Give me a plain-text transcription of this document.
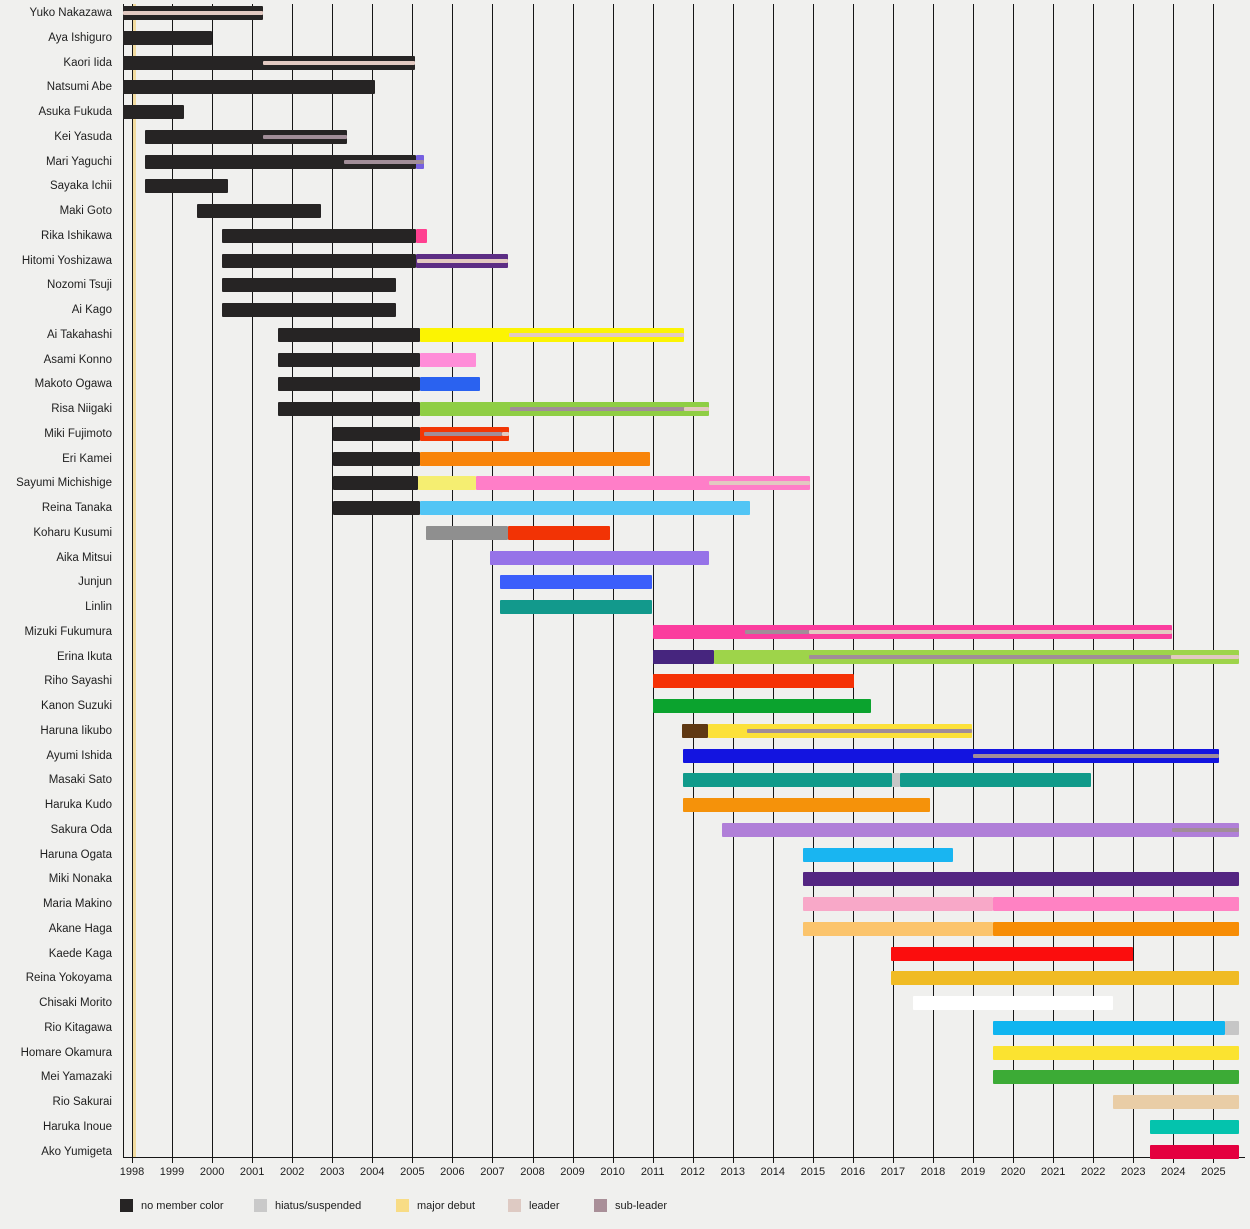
1998 1999 2000 2001 2002 2003 2004 2005 2006 2007 2008 2009 2010 2011 2012 2013 2014 2015 2016 2017 2018 2019 2020 2021 2022 2023 2024 2025
Yuko Nakazawa
Aya Ishiguro
Kaori Iida
Natsumi Abe
Asuka Fukuda
Kei Yasuda
Mari Yaguchi
Sayaka Ichii
Maki Goto
Rika Ishikawa
Hitomi Yoshizawa
Nozomi Tsuji
Ai Kago
Ai Takahashi
Asami Konno
Makoto Ogawa
Risa Niigaki
Miki Fujimoto
Eri Kamei
Sayumi Michishige
Reina Tanaka
Koharu Kusumi
Aika Mitsui
Junjun
Linlin
Mizuki Fukumura
Erina Ikuta
Riho Sayashi
Kanon Suzuki
Haruna Iikubo
Ayumi Ishida
Masaki Sato
Haruka Kudo
Sakura Oda
Haruna Ogata
Miki Nonaka
Maria Makino
Akane Haga
Kaede Kaga
Reina Yokoyama
Chisaki Morito
Rio Kitagawa
Homare Okamura
Mei Yamazaki
Rio Sakurai
Haruka Inoue
Ako Yumigeta
no member color	hiatus/suspended	major debut	leader	sub-leader
